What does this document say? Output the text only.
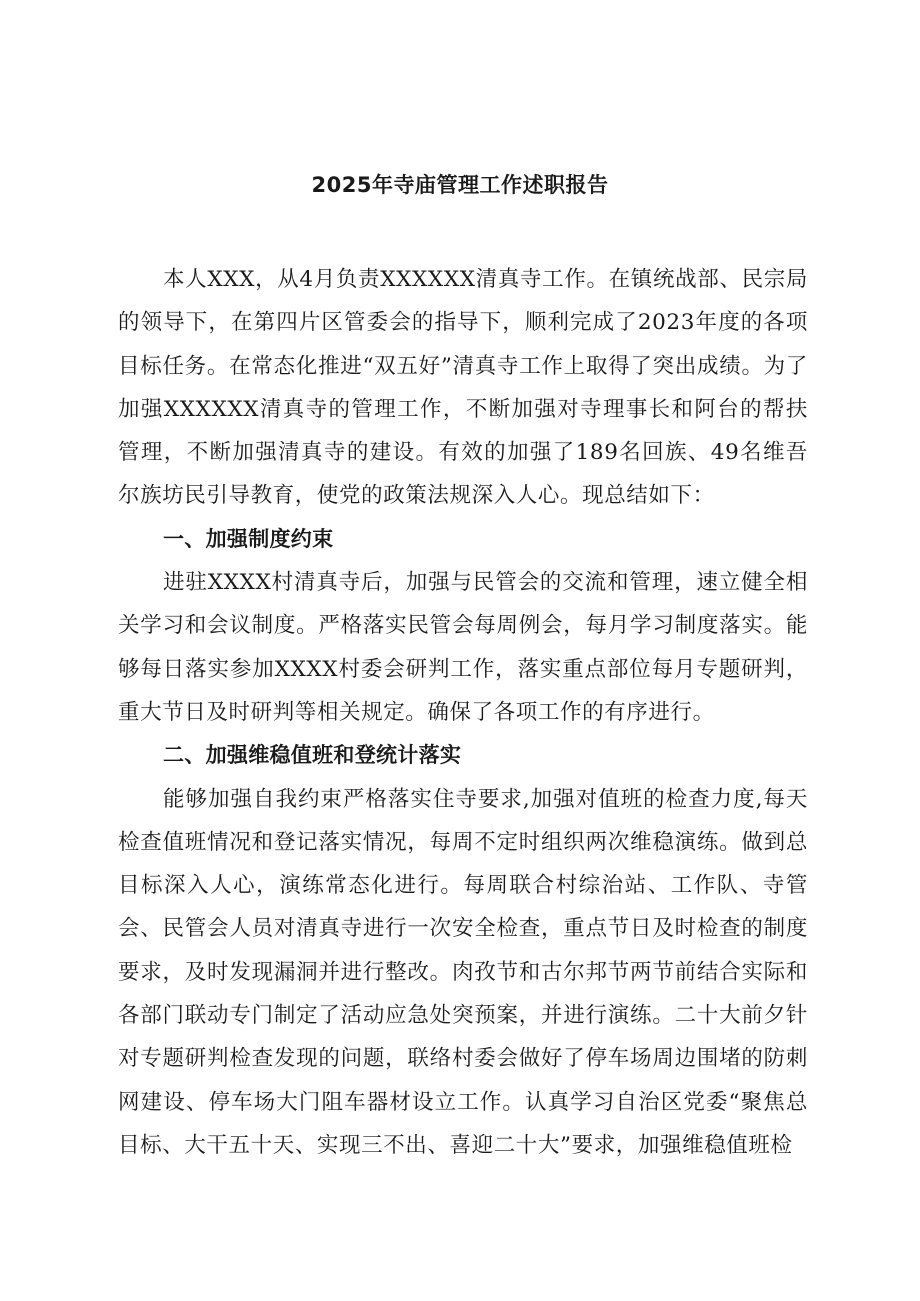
2025年寺庙管理工作述职报告

本人XXX，从4月负责XXXXXX清真寺工作。在镇统战部、民宗局的领导下，在第四片区管委会的指导下，顺利完成了2023年度的各项目标任务。在常态化推进“双五好”清真寺工作上取得了突出成绩。为了加强XXXXXX清真寺的管理工作，不断加强对寺理事长和阿台的帮扶管理，不断加强清真寺的建设。有效的加强了189名回族、49名维吾尔族坊民引导教育，使党的政策法规深入人心。现总结如下：

一、加强制度约束

进驻XXXX村清真寺后，加强与民管会的交流和管理，速立健全相关学习和会议制度。严格落实民管会每周例会，每月学习制度落实。能够每日落实参加XXXX村委会研判工作，落实重点部位每月专题研判，重大节日及时研判等相关规定。确保了各项工作的有序进行。

二、加强维稳值班和登统计落实

能够加强自我约束严格落实住寺要求,加强对值班的检查力度,每天检查值班情况和登记落实情况，每周不定时组织两次维稳演练。做到总目标深入人心，演练常态化进行。每周联合村综治站、工作队、寺管会、民管会人员对清真寺进行一次安全检查，重点节日及时检查的制度要求，及时发现漏洞并进行整改。肉孜节和古尔邦节两节前结合实际和各部门联动专门制定了活动应急处突预案，并进行演练。二十大前夕针对专题研判检查发现的问题，联络村委会做好了停车场周边围堵的防刺网建设、停车场大门阻车器材设立工作。认真学习自治区党委“聚焦总目标、大干五十天、实现三不出、喜迎二十大”要求，加强维稳值班检
